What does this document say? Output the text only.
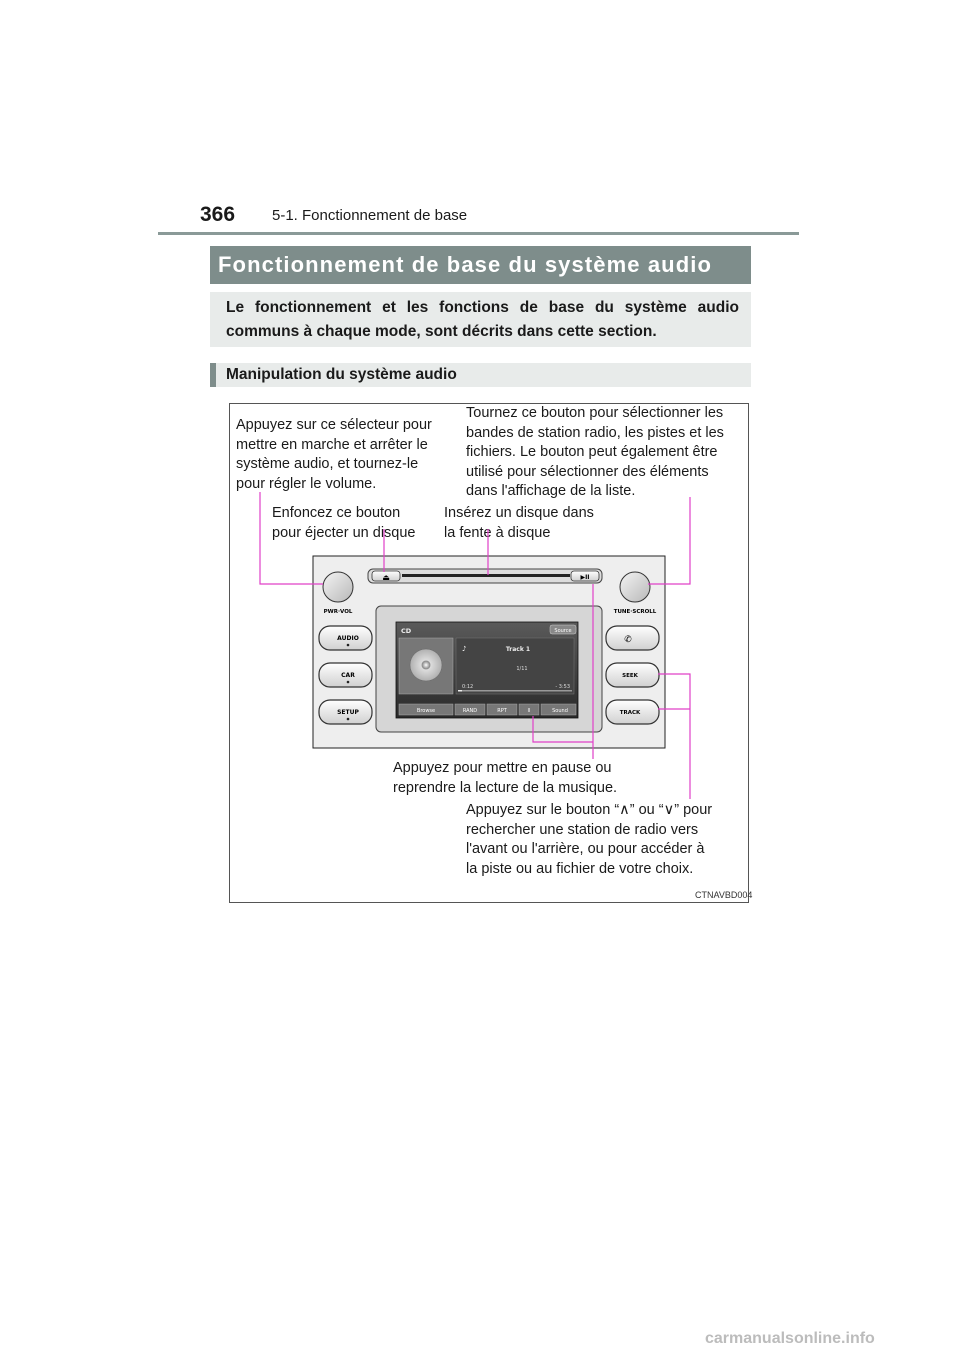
366 5-1. Fonctionnement de base
Fonctionnement de base du système audio

Le fonctionnement et les fonctions de base du système audio

communs à chaque mode, sont décrits dans cette section.

Manipulation du système audio
Appuyez sur ce sélecteur pour
mettre en marche et arrêter le
système audio, et tournez-le
pour régler le volume.
Tournez ce bouton pour sélectionner les
bandes de station radio, les pistes et les
fichiers. Le bouton peut également être
utilisé pour sélectionner des éléments
dans l'affichage de la liste.
Enfoncez ce bouton
pour éjecter un disque
Insérez un disque dans
la fente à disque
Appuyez pour mettre en pause ou
reprendre la lecture de la musique.
Appuyez sur le bouton “∧” ou “∨” pour
rechercher une station de radio vers
l'avant ou l'arrière, ou pour accéder à
la piste ou au fichier de votre choix.
CTNAVBD004
⏏	▶II
PWR·VOL	TUNE·SCROLL
AUDIO
CAR
SETUP
✆
SEEK
TRACK
CD	Source
♪	Track 1
1/11
0:12	- 3:53
Browse	RAND	RPT	II	Sound
carmanualsonline.info
